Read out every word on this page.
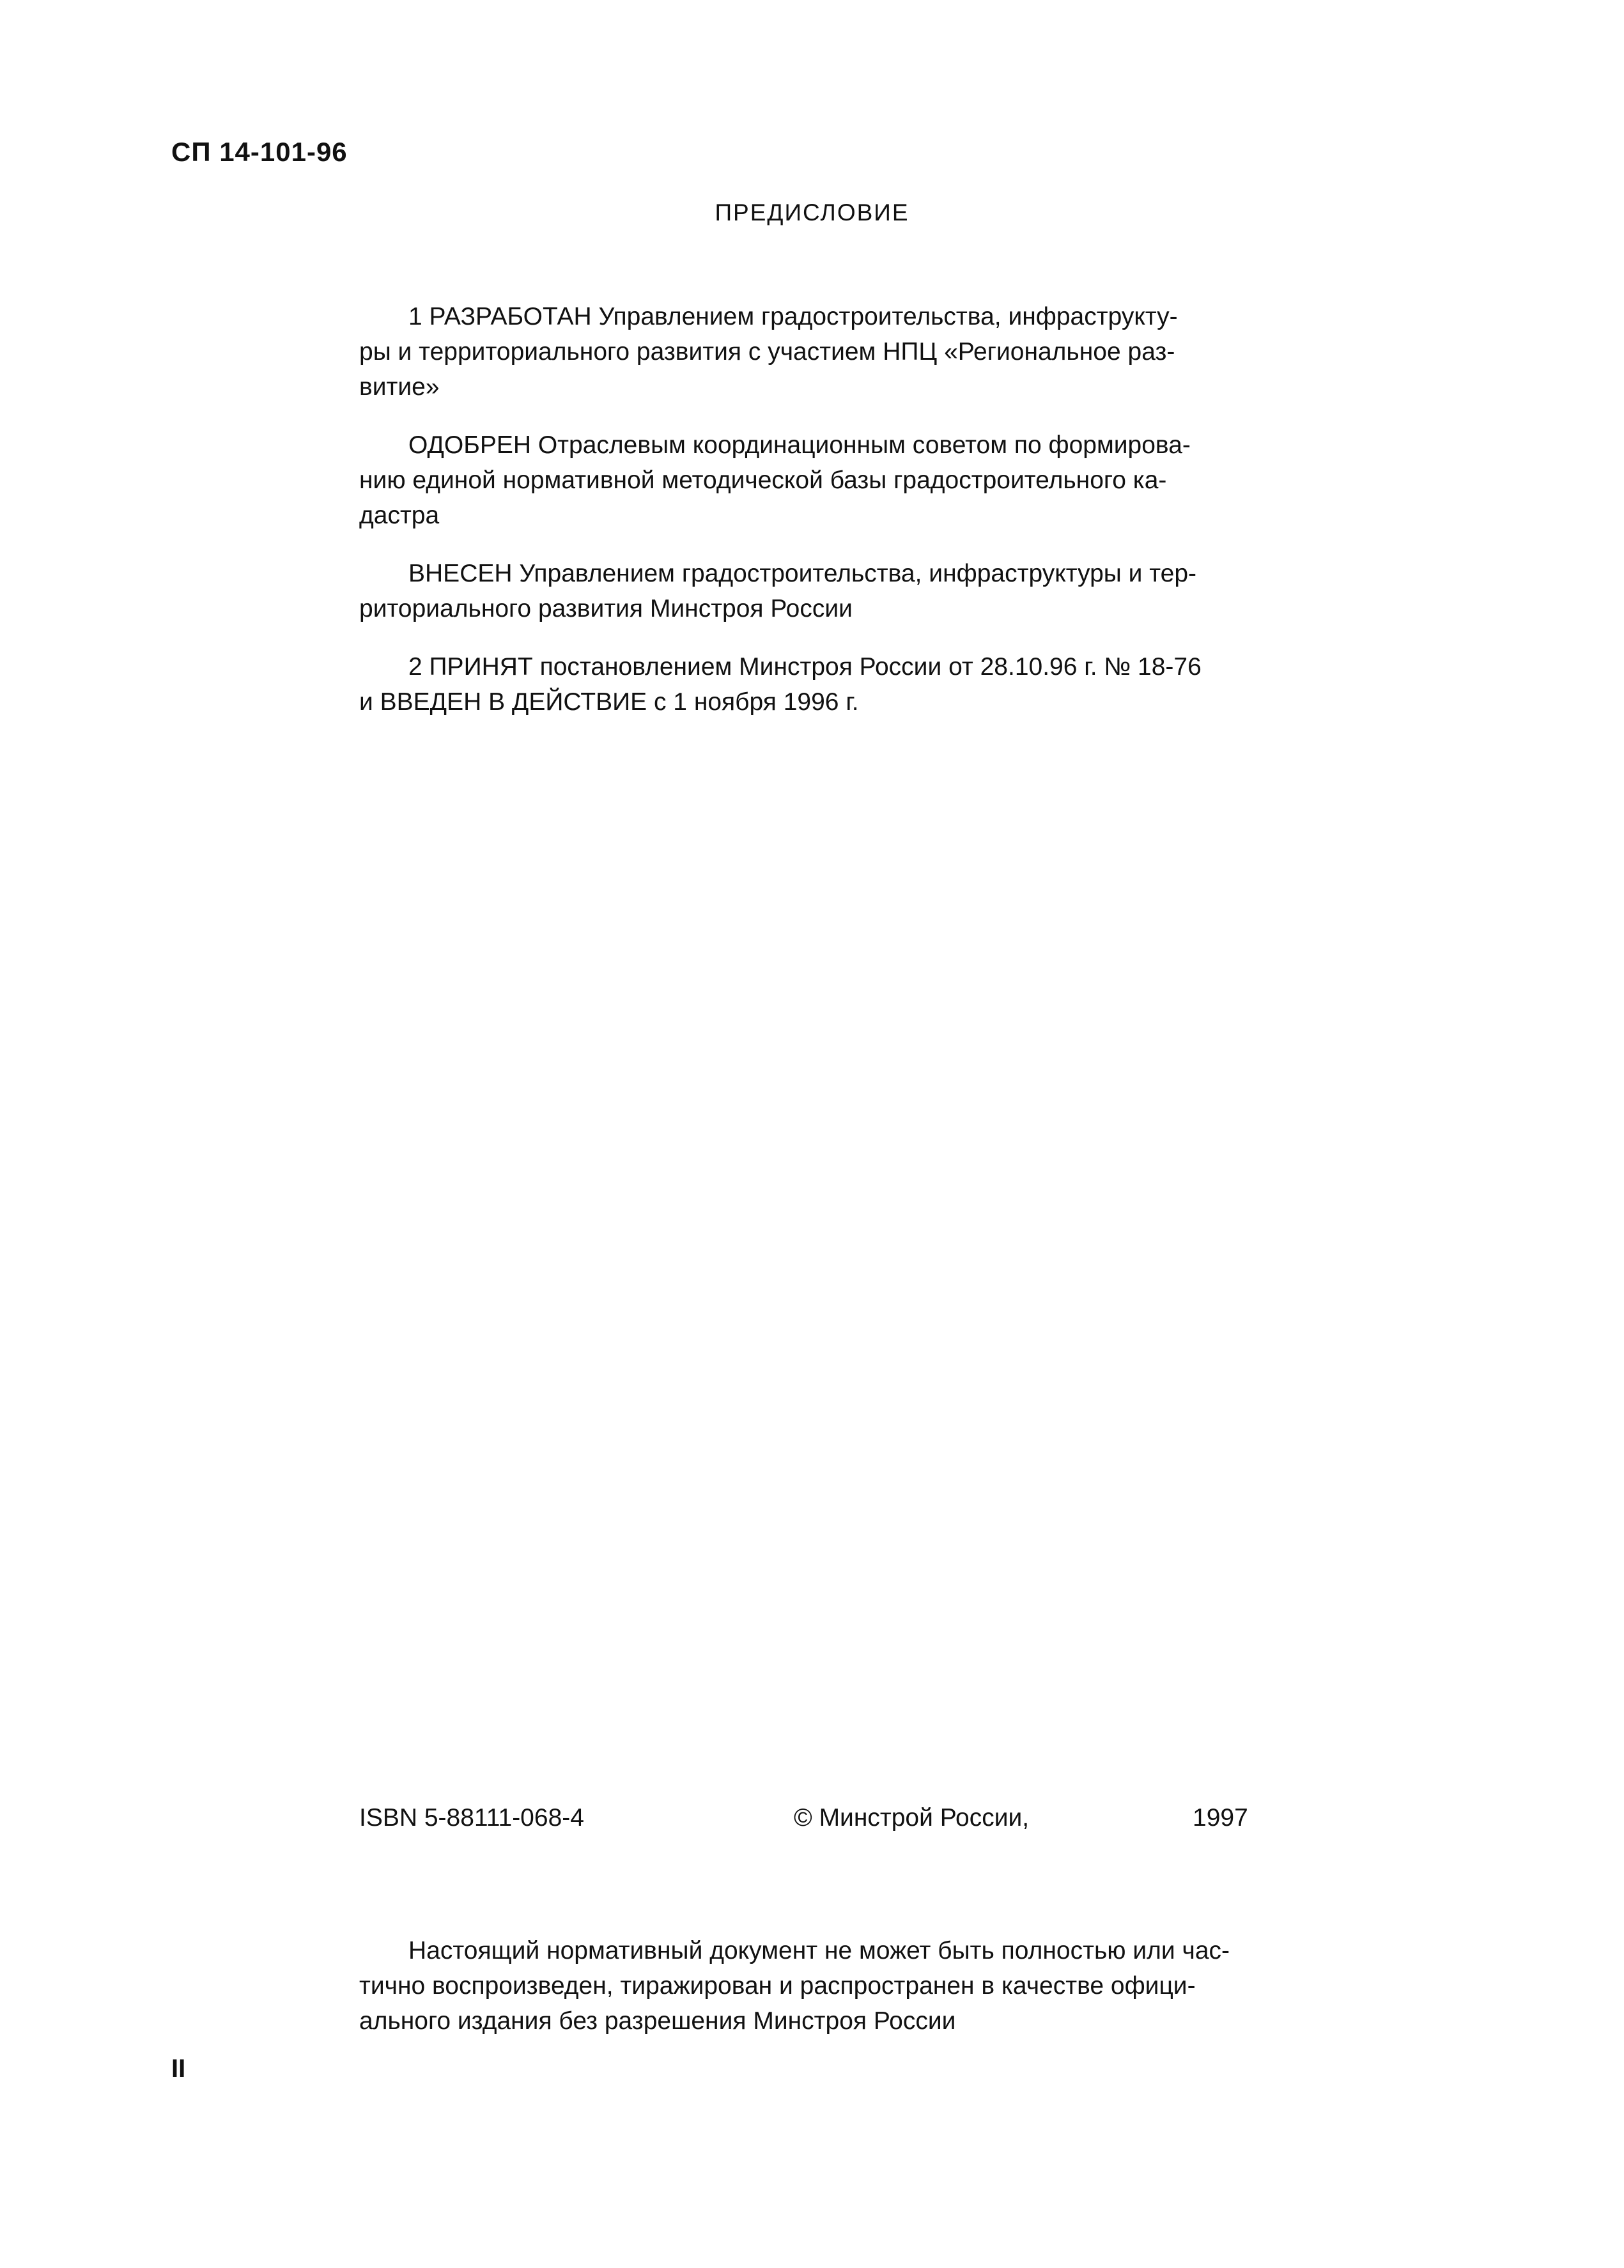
СП 14-101-96
ПРЕДИСЛОВИЕ

1 РАЗРАБОТАН Управлением градостроительства, инфраструкту-
ры и территориального развития с участием НПЦ «Региональное раз-
витие»

ОДОБРЕН Отраслевым координационным советом по формирова-
нию единой нормативной методической базы градостроительного ка-
дастра

ВНЕСЕН Управлением градостроительства, инфраструктуры и тер-
риториального развития Минстроя России

2 ПРИНЯТ постановлением Минстроя России от 28.10.96 г. № 18-76
и ВВЕДЕН В ДЕЙСТВИЕ с 1 ноября 1996 г.

ISBN 5-88111-068-4	© Минстрой России,	1997
Настоящий нормативный документ не может быть полностью или час-
тично воспроизведен, тиражирован и распространен в качестве офици-
ального издания без разрешения Минстроя России
II
